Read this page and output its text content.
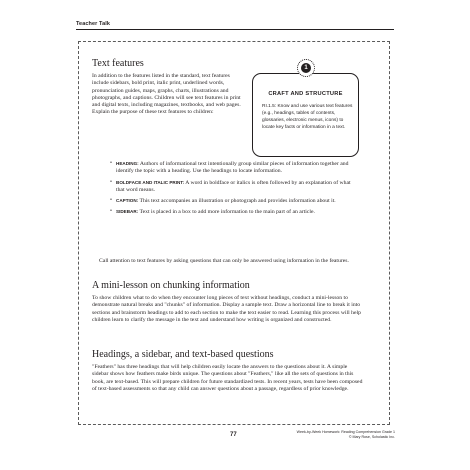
Teacher Talk
Text features

In addition to the features listed in the standard, text features include sidebars, bold print, italic print, underlined words, pronunciation guides, maps, graphs, charts, illustrations and photographs, and captions. Children will see text features in print and digital texts, including magazines, textbooks, and web pages. Explain the purpose of these text features to children:

CRAFT AND STRUCTURE

RI.1.5: Know and use various text features (e.g., headings, tables of contents, glossaries, electronic menus, icons) to locate key facts or information in a text.

1
• HEADING: Authors of informational text intentionally group similar pieces of information together and identify the topic with a heading. Use the headings to locate information.
• BOLDFACE AND ITALIC PRINT: A word in boldface or italics is often followed by an explanation of what that word means.
• CAPTION: This text accompanies an illustration or photograph and provides information about it.
• SIDEBAR: Text is placed in a box to add more information to the main part of an article.

Call attention to text features by asking questions that can only be answered using information in the features.

A mini-lesson on chunking information

To show children what to do when they encounter long pieces of text without headings, conduct a mini-lesson to demonstrate natural breaks and "chunks" of information. Display a sample text. Draw a horizontal line to break it into sections and brainstorm headings to add to each section to make the text easier to read. Learning this process will help children learn to clarify the message in the text and understand how writing is organized and constructed.

Headings, a sidebar, and text-based questions

"Feathers" has three headings that will help children easily locate the answers to the questions about it. A simple sidebar shows how feathers make birds unique. The questions about "Feathers," like all the sets of questions in this book, are text-based. This will prepare children for future standardized tests. In recent years, tests have been composed of text-based assessments so that any child can answer questions about a passage, regardless of prior knowledge.

77	Week-by-Week Homework: Reading Comprehension Grade 1
© Mary Rose, Scholastic Inc.
